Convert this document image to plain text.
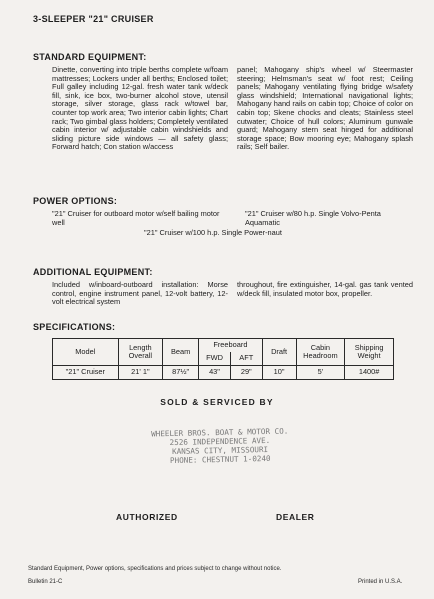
3-SLEEPER "21" CRUISER
STANDARD EQUIPMENT:
Dinette, converting into triple berths complete w/foam mattresses; Lockers under all berths; Enclosed toilet; Full galley including 12-gal. fresh water tank w/deck fill, sink, ice box, two-burner alcohol stove, utensil storage, silver storage, glass rack w/towel bar, counter top work area; Two interior cabin lights; Chart rack; Two gimbal glass holders; Completely ventilated cabin interior w/ adjustable cabin windshields and sliding picture side windows — all safety glass; Forward hatch; Con station w/access
panel; Mahogany ship's wheel w/ Steermaster steering; Helmsman's seat w/ foot rest; Ceiling panels; Mahogany ventilating flying bridge w/safety glass windshield; International navigational lights; Mahogany hand rails on cabin top; Choice of color on cabin top; Skene chocks and cleats; Stainless steel cutwater; Choice of hull colors; Aluminum gunwale guard; Mahogany stern seat hinged for additional storage space; Bow mooring eye; Mahogany splash rails; Self bailer.
POWER OPTIONS:
"21" Cruiser for outboard motor w/self bailing motor well
"21" Cruiser w/80 h.p. Single Volvo-Penta Aquamatic
"21" Cruiser w/100 h.p. Single Power-naut
ADDITIONAL EQUIPMENT:
Included w/inboard-outboard installation: Morse control, engine instrument panel, 12-volt battery, 12-volt electrical system
throughout, fire extinguisher, 14-gal. gas tank vented w/deck fill, insulated motor box, propeller.
SPECIFICATIONS:
Model	Length Overall	Beam	Freeboard		Draft	Cabin Headroom	Shipping Weight
			FWD	AFT			
"21" Cruiser	21' 1"	87½"	43"	29"	10"	5'	1400#
SOLD & SERVICED BY
WHEELER BROS. BOAT & MOTOR CO.
2526 INDEPENDENCE AVE.
KANSAS CITY, MISSOURI
PHONE: CHESTNUT 1-0240
AUTHORIZED	DEALER
Standard Equipment, Power options, specifications and prices subject to change without notice.
Bulletin 21-C	Printed in U.S.A.
